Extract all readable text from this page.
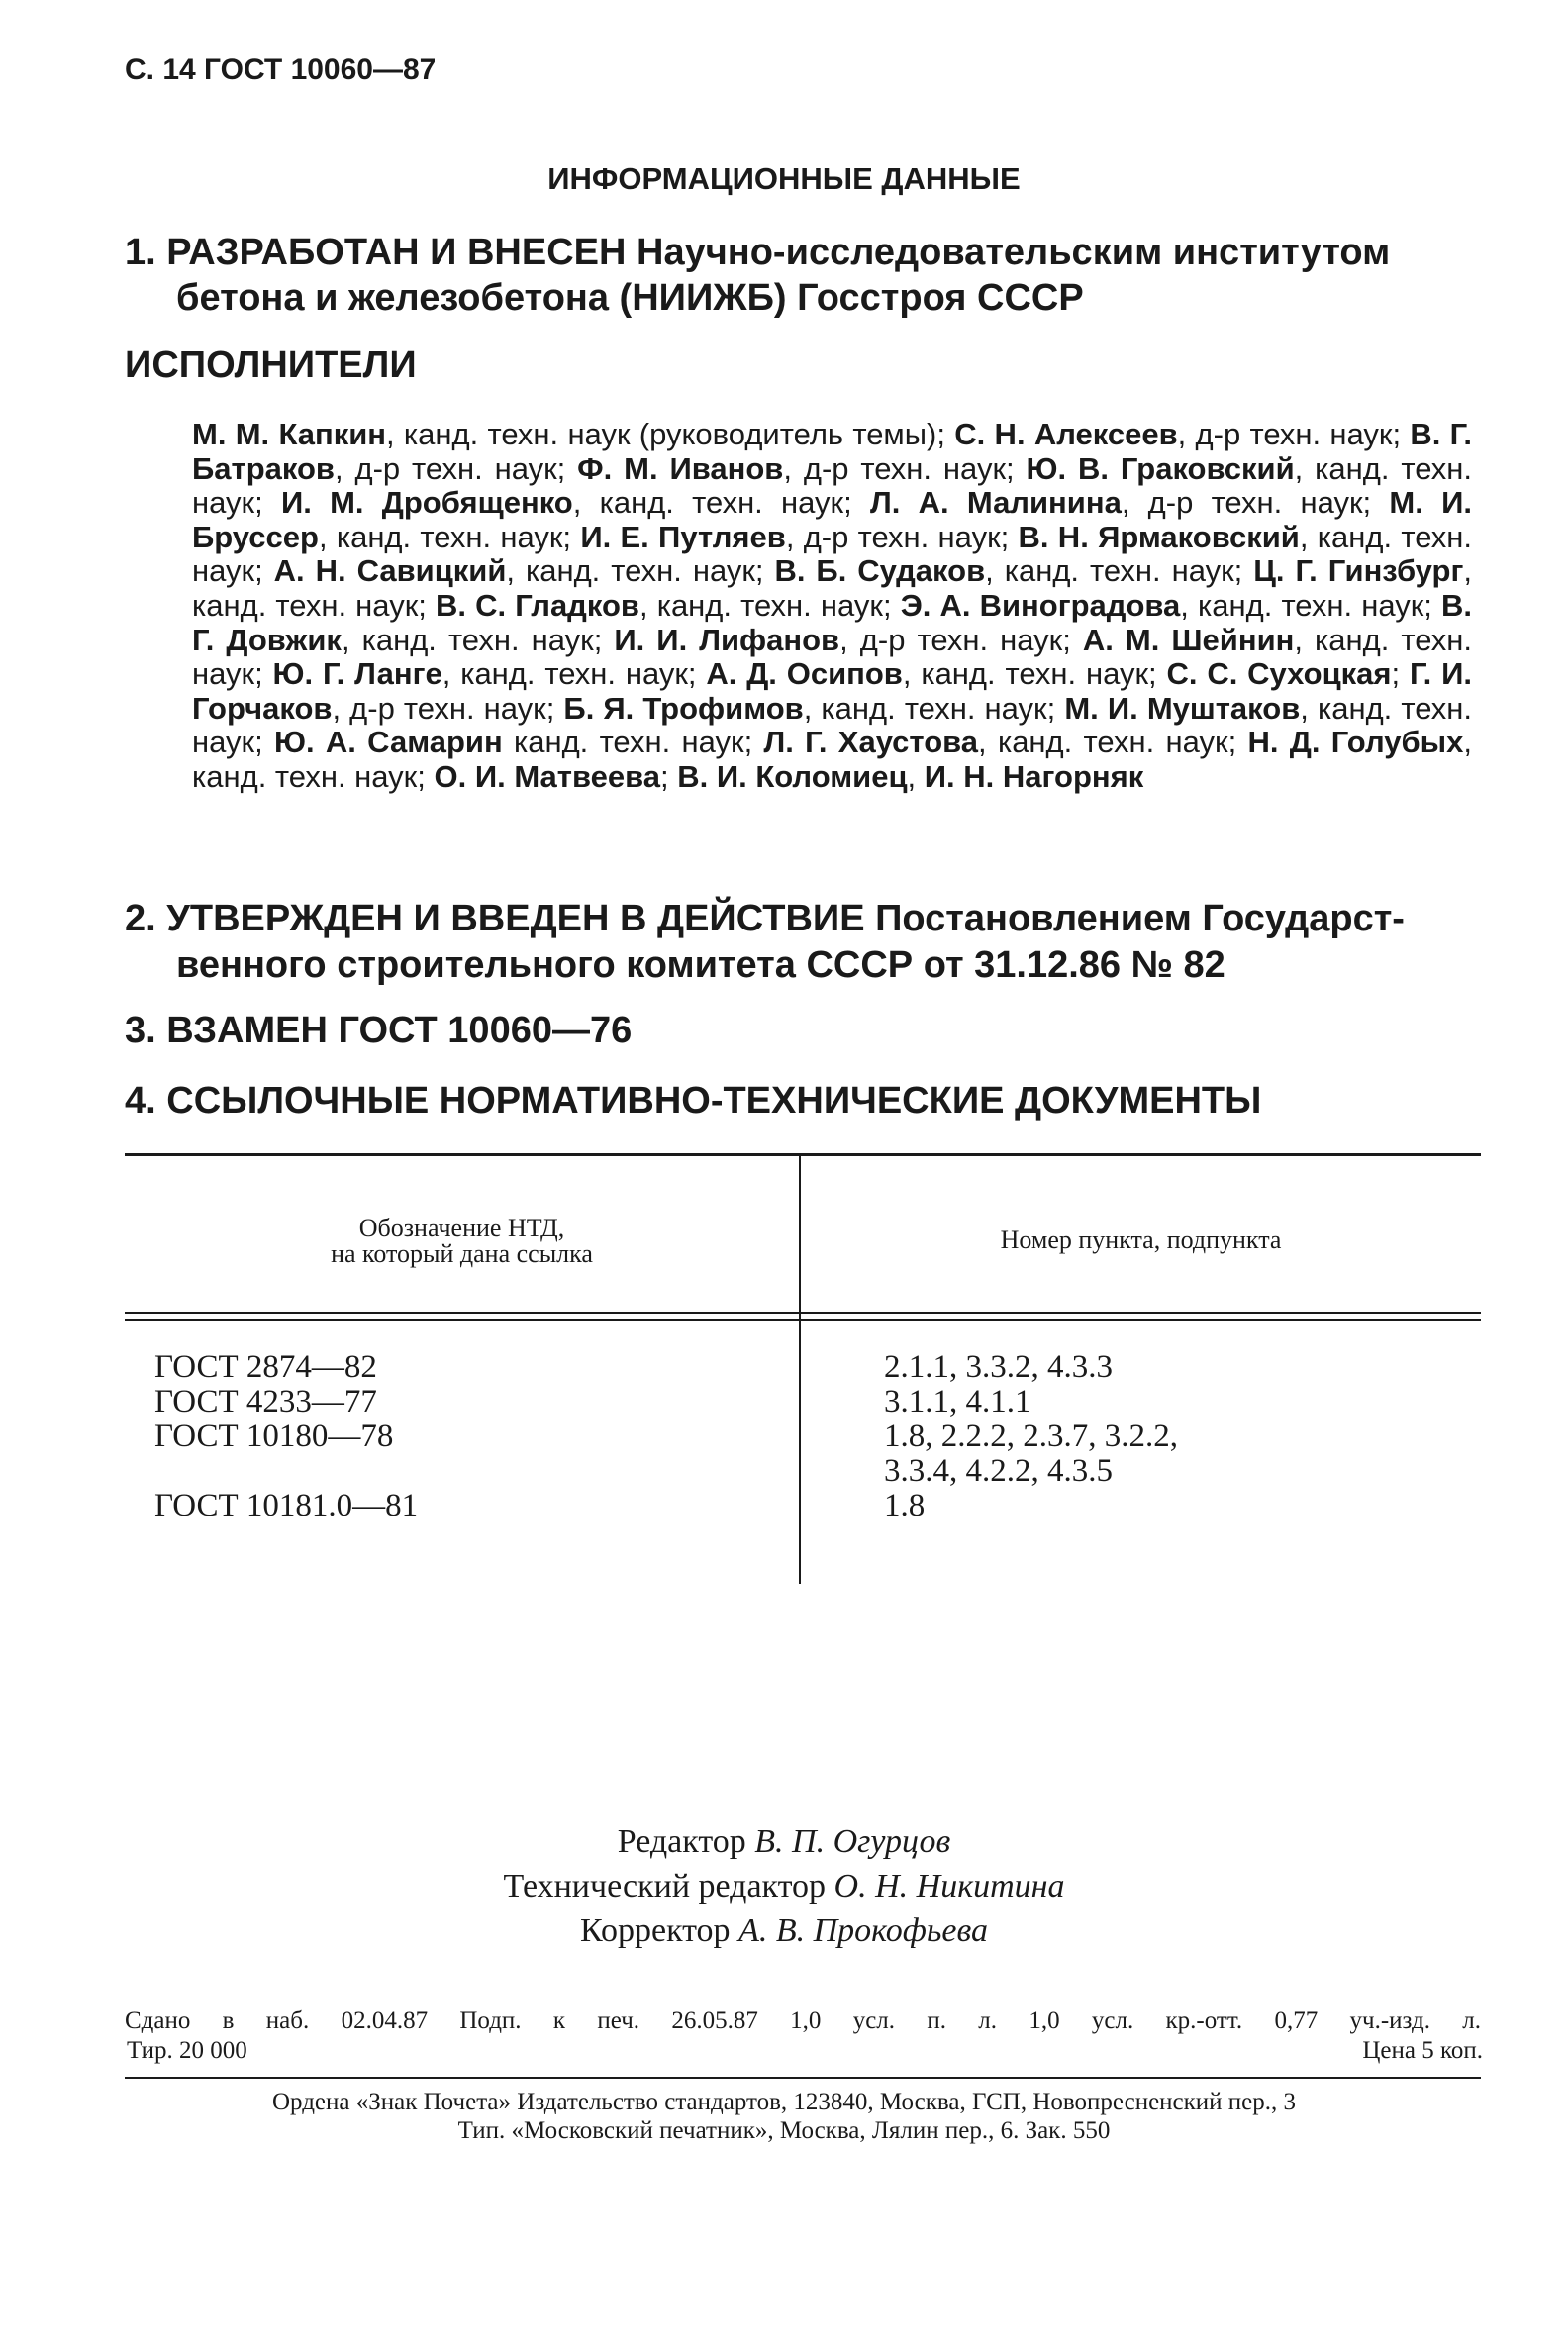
С. 14 ГОСТ 10060—87
ИНФОРМАЦИОННЫЕ ДАННЫЕ
1. РАЗРАБОТАН И ВНЕСЕН Научно-исследовательским институтом
бетона и железобетона (НИИЖБ) Госстроя СССР
ИСПОЛНИТЕЛИ
М. М. Капкин, канд. техн. наук (руководитель темы); С. Н. Алексеев, д-р техн. наук; В. Г. Батраков, д-р техн. наук; Ф. М. Иванов, д-р техн. наук; Ю. В. Граковский, канд. техн. наук; И. М. Дробященко, канд. техн. наук; Л. А. Малинина, д-р техн. наук; М. И. Бруссер, канд. техн. наук; И. Е. Путляев, д-р техн. наук; В. Н. Ярмаковский, канд. техн. наук; А. Н. Савицкий, канд. техн. наук; В. Б. Судаков, канд. техн. наук; Ц. Г. Гинзбург, канд. техн. наук; В. С. Гладков, канд. техн. наук; Э. А. Виноградова, канд. техн. наук; В. Г. Довжик, канд. техн. наук; И. И. Лифанов, д-р техн. наук; А. М. Шейнин, канд. техн. наук; Ю. Г. Ланге, канд. техн. наук; А. Д. Осипов, канд. техн. наук; С. С. Сухоцкая; Г. И. Горчаков, д-р техн. наук; Б. Я. Трофимов, канд. техн. наук; М. И. Муштаков, канд. техн. наук; Ю. А. Самарин канд. техн. наук; Л. Г. Хаустова, канд. техн. наук; Н. Д. Голубых, канд. техн. наук; О. И. Матвеева; В. И. Коломиец, И. Н. Нагорняк
2. УТВЕРЖДЕН И ВВЕДЕН В ДЕЙСТВИЕ Постановлением Государст-
венного строительного комитета СССР от 31.12.86 № 82
3. ВЗАМЕН ГОСТ 10060—76
4. ССЫЛОЧНЫЕ НОРМАТИВНО-ТЕХНИЧЕСКИЕ ДОКУМЕНТЫ
Обозначение НТД,
на который дана ссылка	Номер пункта, подпункта
ГОСТ 2874—82	2.1.1, 3.3.2, 4.3.3
ГОСТ 4233—77	3.1.1, 4.1.1
ГОСТ 10180—78	1.8, 2.2.2, 2.3.7, 3.2.2,
3.3.4, 4.2.2, 4.3.5
ГОСТ 10181.0—81	1.8
Редактор В. П. Огурцов
Технический редактор О. Н. Никитина
Корректор А. В. Прокофьева
Сдано в наб. 02.04.87 Подп. к печ. 26.05.87 1,0 усл. п. л. 1,0 усл. кр.-отт. 0,77 уч.-изд. л.
Тир. 20 000	Цена 5 коп.
Ордена «Знак Почета» Издательство стандартов, 123840, Москва, ГСП, Новопресненский пер., 3
Тип. «Московский печатник», Москва, Лялин пер., 6. Зак. 550
